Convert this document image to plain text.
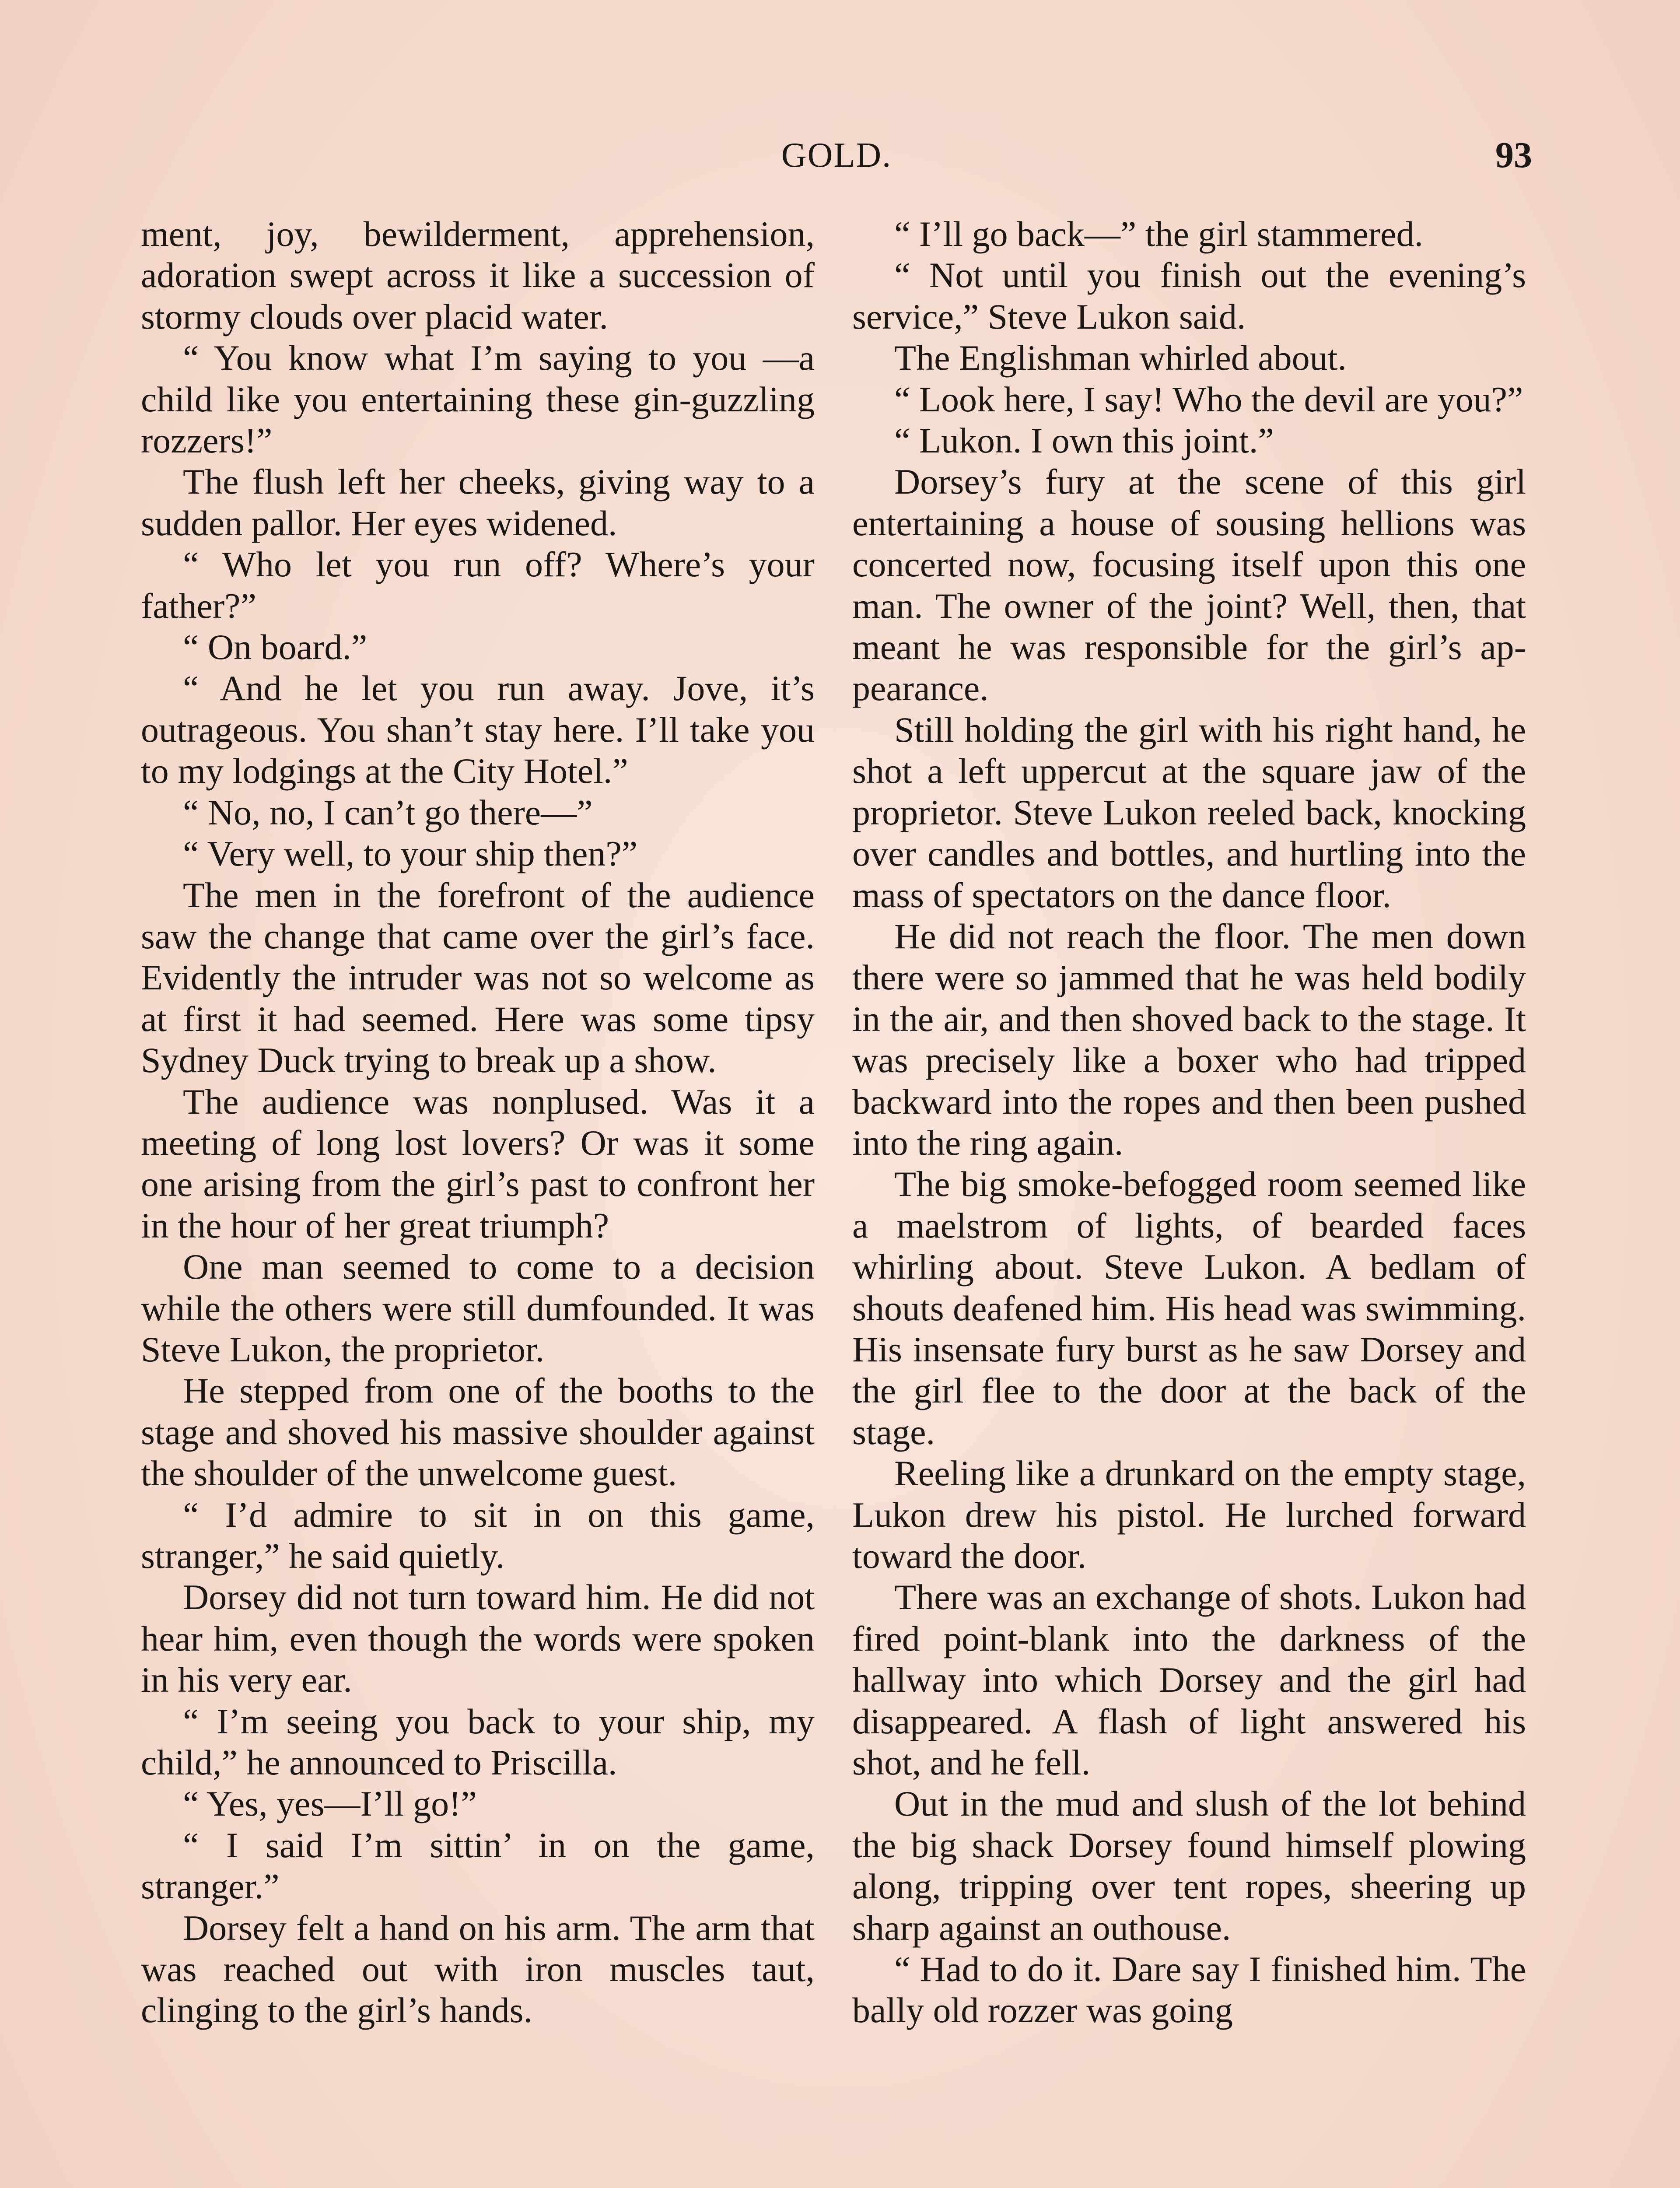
GOLD.	93

ment, joy, bewilderment, apprehension, adoration swept across it like a succession of stormy clouds over placid water.

“ You know what I’m saying to you —a child like you entertaining these gin-guzzling rozzers!”

The flush left her cheeks, giving way to a sudden pallor. Her eyes widened.

“ Who let you run off? Where’s your father?”

“ On board.”

“ And he let you run away. Jove, it’s outrageous. You shan’t stay here. I’ll take you to my lodgings at the City Hotel.”

“ No, no, I can’t go there—”

“ Very well, to your ship then?”

The men in the forefront of the audience saw the change that came over the girl’s face. Evidently the intruder was not so welcome as at first it had seemed. Here was some tipsy Sydney Duck trying to break up a show.

The audience was nonplused. Was it a meeting of long lost lovers? Or was it some one arising from the girl’s past to confront her in the hour of her great triumph?

One man seemed to come to a decision while the others were still dumfounded. It was Steve Lukon, the proprietor.

He stepped from one of the booths to the stage and shoved his massive shoulder against the shoulder of the unwelcome guest.

“ I’d admire to sit in on this game, stranger,” he said quietly.

Dorsey did not turn toward him. He did not hear him, even though the words were spoken in his very ear.

“ I’m seeing you back to your ship, my child,” he announced to Priscilla.

“ Yes, yes—I’ll go!”

“ I said I’m sittin’ in on the game, stranger.”

Dorsey felt a hand on his arm. The arm that was reached out with iron muscles taut, clinging to the girl’s hands.

“ I’ll go back—” the girl stammered.

“ Not until you finish out the evening’s service,” Steve Lukon said.

The Englishman whirled about.

“ Look here, I say! Who the devil are you?”

“ Lukon. I own this joint.”

Dorsey’s fury at the scene of this girl entertaining a house of sousing hellions was concerted now, focusing itself upon this one man. The owner of the joint? Well, then, that meant he was responsible for the girl’s appearance.

Still holding the girl with his right hand, he shot a left uppercut at the square jaw of the proprietor. Steve Lukon reeled back, knocking over candles and bottles, and hurtling into the mass of spectators on the dance floor.

He did not reach the floor. The men down there were so jammed that he was held bodily in the air, and then shoved back to the stage. It was precisely like a boxer who had tripped backward into the ropes and then been pushed into the ring again.

The big smoke-befogged room seemed like a maelstrom of lights, of bearded faces whirling about. Steve Lukon. A bedlam of shouts deafened him. His head was swimming. His insensate fury burst as he saw Dorsey and the girl flee to the door at the back of the stage.

Reeling like a drunkard on the empty stage, Lukon drew his pistol. He lurched forward toward the door.

There was an exchange of shots. Lukon had fired point-blank into the darkness of the hallway into which Dorsey and the girl had disappeared. A flash of light answered his shot, and he fell.

Out in the mud and slush of the lot behind the big shack Dorsey found himself plowing along, tripping over tent ropes, sheering up sharp against an outhouse.

“ Had to do it. Dare say I finished him. The bally old rozzer was going
